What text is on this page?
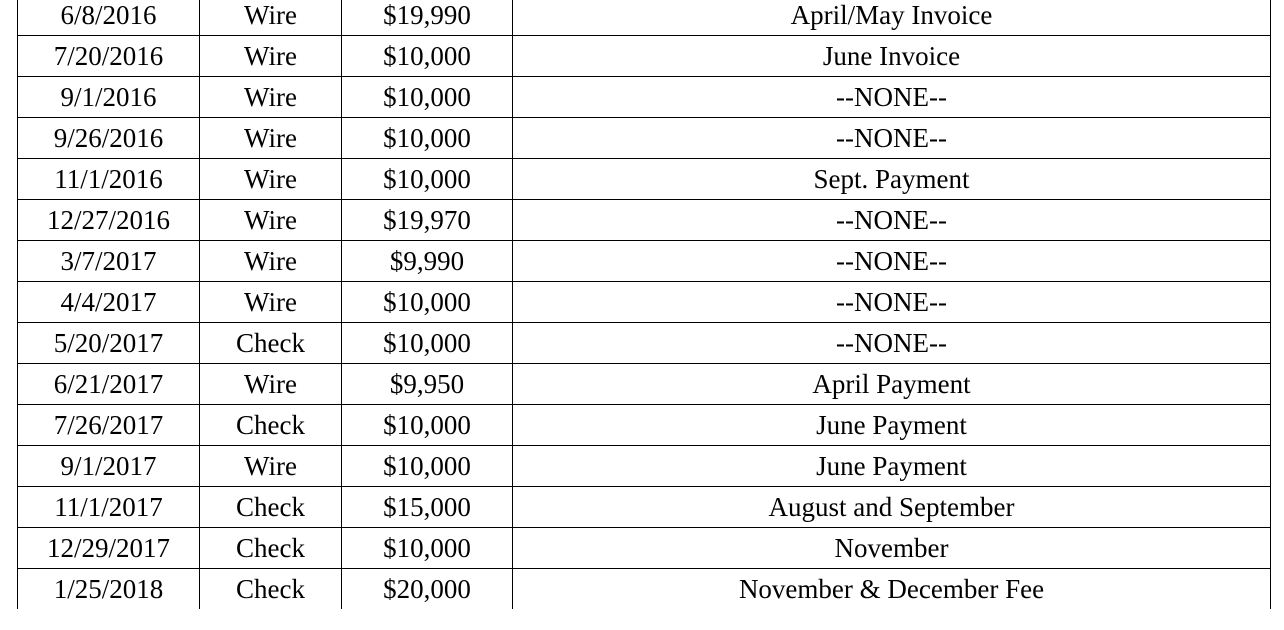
6/8/2016	Wire	$19,990	April/May Invoice
7/20/2016	Wire	$10,000	June Invoice
9/1/2016	Wire	$10,000	--NONE--
9/26/2016	Wire	$10,000	--NONE--
11/1/2016	Wire	$10,000	Sept. Payment
12/27/2016	Wire	$19,970	--NONE--
3/7/2017	Wire	$9,990	--NONE--
4/4/2017	Wire	$10,000	--NONE--
5/20/2017	Check	$10,000	--NONE--
6/21/2017	Wire	$9,950	April Payment
7/26/2017	Check	$10,000	June Payment
9/1/2017	Wire	$10,000	June Payment
11/1/2017	Check	$15,000	August and September
12/29/2017	Check	$10,000	November
1/25/2018	Check	$20,000	November & December Fee
